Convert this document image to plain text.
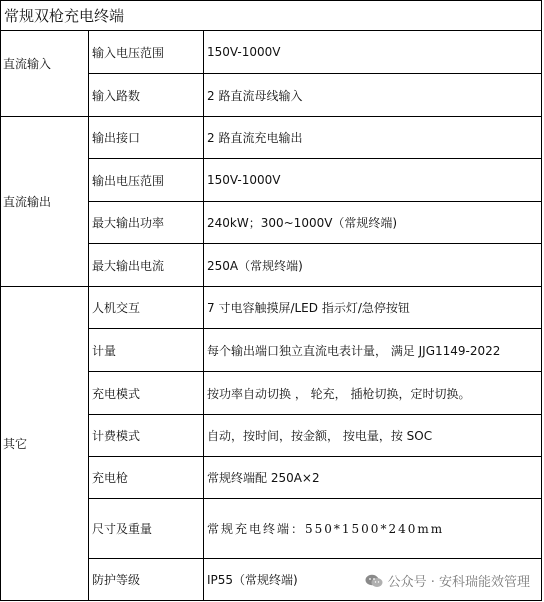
常规双枪充电终端
直流输入	输入电压范围	150V-1000V
	输入路数	2 路直流母线输入
直流输出	输出接口	2 路直流充电输出
	输出电压范围	150V-1000V
	最大输出功率	240kW；300~1000V（常规终端)
	最大输出电流	250A（常规终端)
其它	人机交互	7 寸电容触摸屏/LED 指示灯/急停按钮
	计量	每个输出端口独立直流电表计量， 满足 JJG1149-2022
	充电模式	按功率自动切换 ， 轮充， 插枪切换，定时切换。
	计费模式	自动，按时间，按金额， 按电量，按 SOC
	充电枪	常规终端配 250A×2
	尺寸及重量	常规充电终端：550*1500*240mm
	防护等级	IP55（常规终端)	公众号 · 安科瑞能效管理
